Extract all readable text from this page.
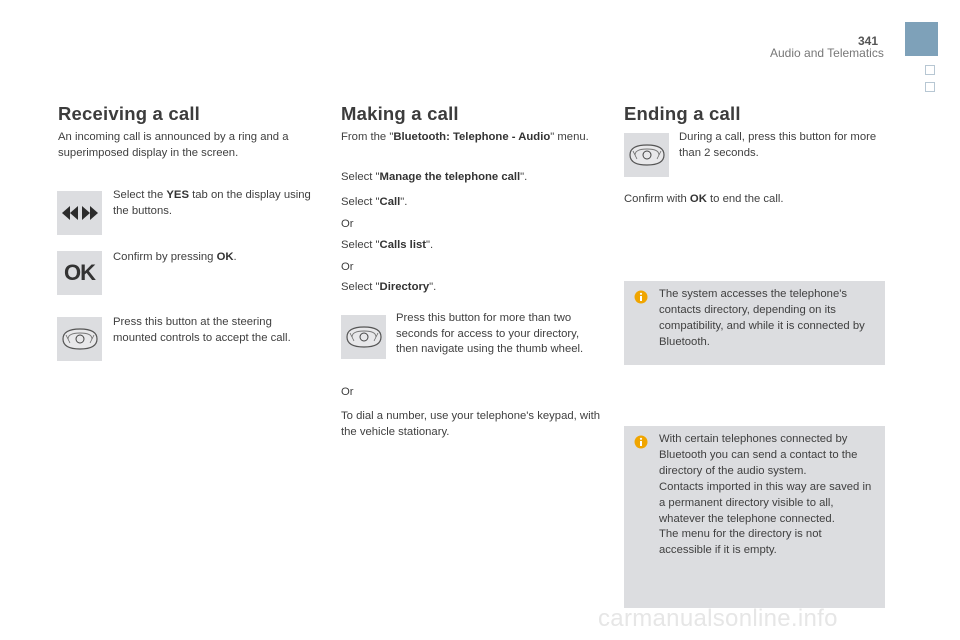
341
Audio and Telematics
Receiving a call
An incoming call is announced by a ring and a superimposed display in the screen.
Select the YES tab on the display using the buttons.
OK
Confirm by pressing OK.
Press this button at the steering mounted controls to accept the call.
Making a call
From the "Bluetooth: Telephone - Audio" menu.
Select "Manage the telephone call".
Select "Call".
Or
Select "Calls list".
Or
Select "Directory".
Press this button for more than two seconds for access to your directory, then navigate using the thumb wheel.
Or
To dial a number, use your telephone's keypad, with the vehicle stationary.
Ending a call
During a call, press this button for more than 2 seconds.
Confirm with OK to end the call.
The system accesses the telephone's contacts directory, depending on its compatibility, and while it is connected by Bluetooth.
With certain telephones connected by Bluetooth you can send a contact to the directory of the audio system.
Contacts imported in this way are saved in a permanent directory visible to all, whatever the telephone connected.
The menu for the directory is not accessible if it is empty.
carmanualsonline.info
